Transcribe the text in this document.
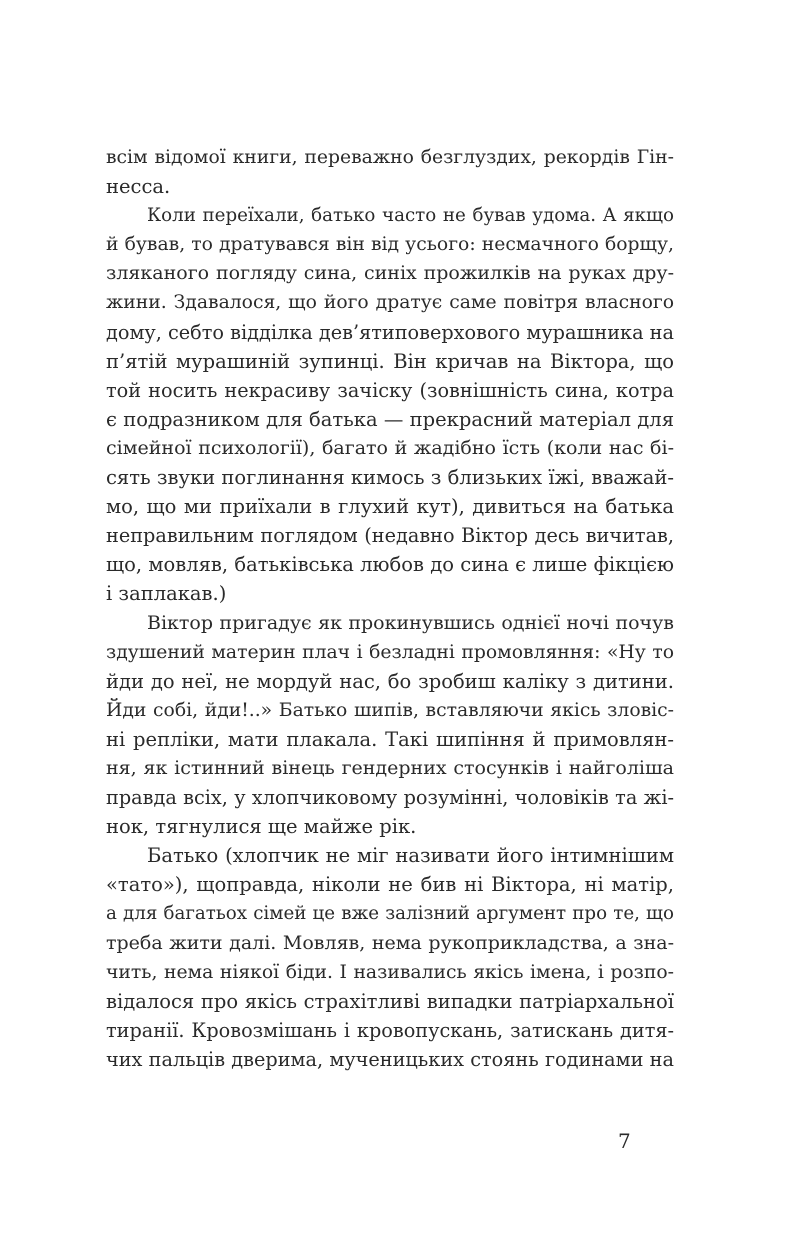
всім відомої книги, переважно безглуздих, рекордів Гін-
несса.
Коли переїхали, батько часто не бував удома. А якщо
й бував, то дратувався він від усього: несмачного борщу,
зляканого погляду сина, синіх прожилків на руках дру-
жини. Здавалося, що його дратує саме повітря власного
дому, себто відділка дев’ятиповерхового мурашника на
п’ятій мурашиній зупинці. Він кричав на Віктора, що
той носить некрасиву зачіску (зовнішність сина, котра
є подразником для батька — прекрасний матеріал для
сімейної психології), багато й жадібно їсть (коли нас бі-
сять звуки поглинання кимось з близьких їжі, вважай-
мо, що ми приїхали в глухий кут), дивиться на батька
неправильним поглядом (недавно Віктор десь вичитав,
що, мовляв, батьківська любов до сина є лише фікцією
і заплакав.)
Віктор пригадує як прокинувшись однієї ночі почув
здушений материн плач і безладні промовляння: «Ну то
йди до неї, не мордуй нас, бо зробиш каліку з дитини.
Йди собі, йди!..» Батько шипів, вставляючи якісь зловіс-
ні репліки, мати плакала. Такі шипіння й примовлян-
ня, як істинний вінець гендерних стосунків і найголіша
правда всіх, у хлопчиковому розумінні, чоловіків та жі-
нок, тягнулися ще майже рік.
Батько (хлопчик не міг називати його інтимнішим
«тато»), щоправда, ніколи не бив ні Віктора, ні матір,
а для багатьох сімей це вже залізний аргумент про те, що
треба жити далі. Мовляв, нема рукоприкладства, а зна-
чить, нема ніякої біди. І називались якісь імена, і розпо-
відалося про якісь страхітливі випадки патріархальної
тиранії. Кровозмішань і кровопускань, затискань дитя-
чих пальців дверима, мученицьких стоянь годинами на
7
